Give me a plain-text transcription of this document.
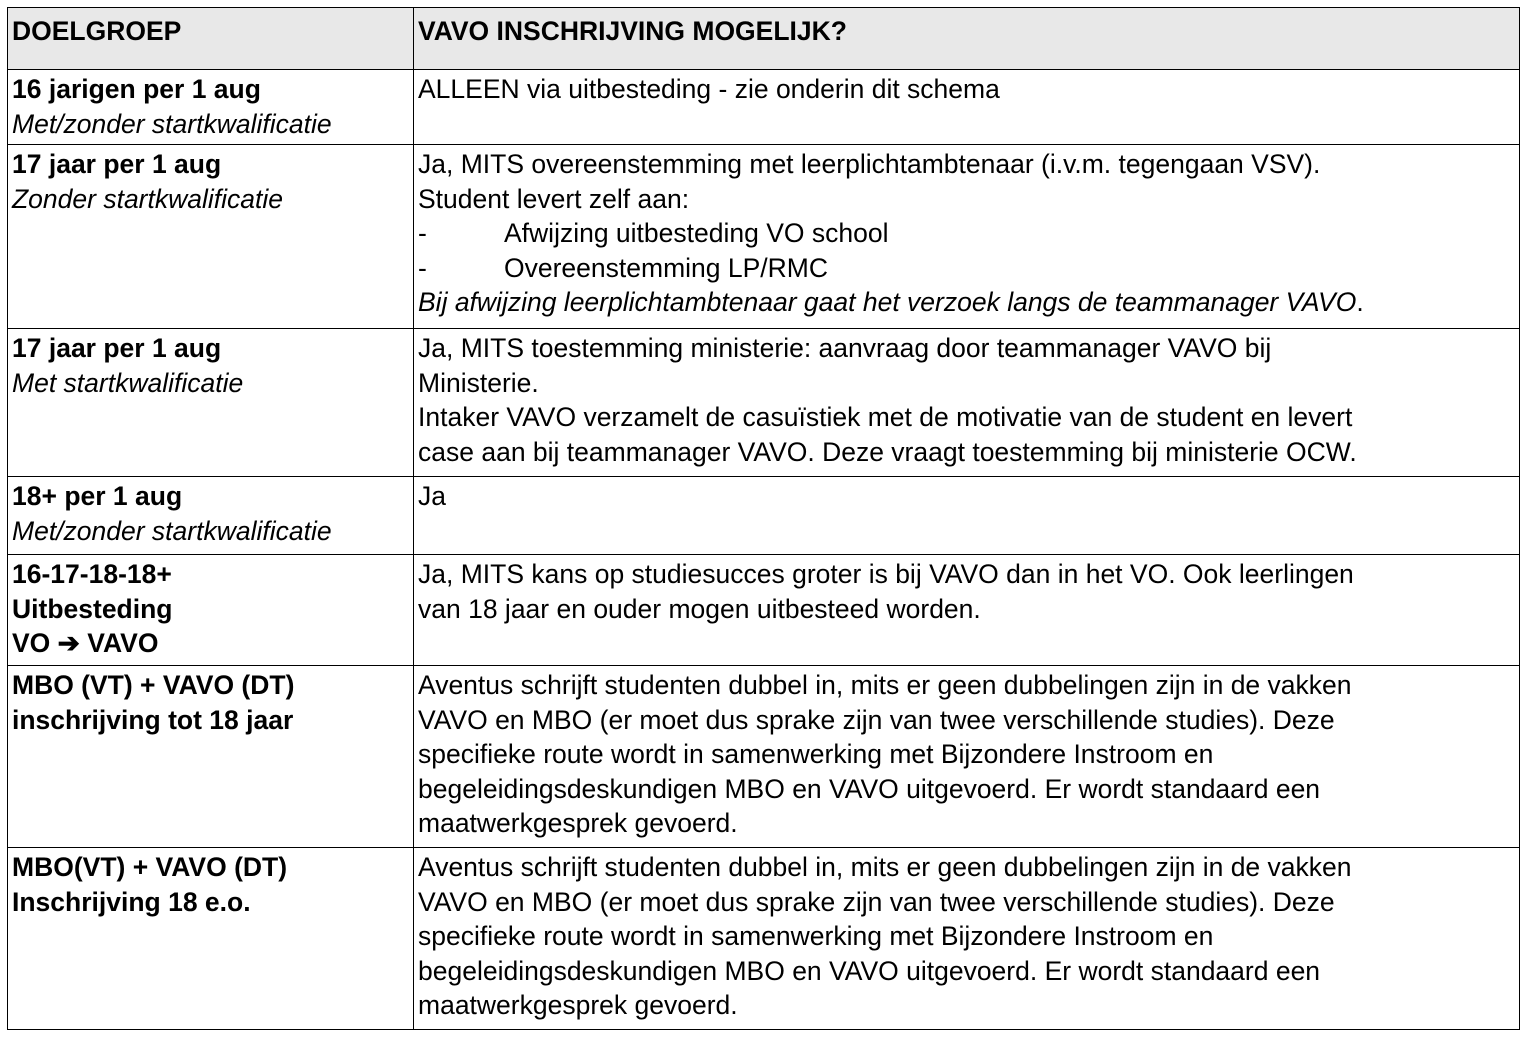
DOELGROEP	VAVO INSCHRIJVING MOGELIJK?

16 jarigen per 1 aug
Met/zonder startkwalificatie	ALLEEN via uitbesteding - zie onderin dit schema

17 jaar per 1 aug
Zonder startkwalificatie	Ja, MITS overeenstemming met leerplichtambtenaar (i.v.m. tegengaan VSV).
Student levert zelf aan:
- Afwijzing uitbesteding VO school
- Overeenstemming LP/RMC
Bij afwijzing leerplichtambtenaar gaat het verzoek langs de teammanager VAVO.

17 jaar per 1 aug
Met startkwalificatie	Ja, MITS toestemming ministerie: aanvraag door teammanager VAVO bij
Ministerie.
Intaker VAVO verzamelt de casuïstiek met de motivatie van de student en levert
case aan bij teammanager VAVO. Deze vraagt toestemming bij ministerie OCW.

18+ per 1 aug
Met/zonder startkwalificatie	Ja

16-17-18-18+
Uitbesteding
VO ➔ VAVO	Ja, MITS kans op studiesucces groter is bij VAVO dan in het VO. Ook leerlingen
van 18 jaar en ouder mogen uitbesteed worden.

MBO (VT) + VAVO (DT)
inschrijving tot 18 jaar	Aventus schrijft studenten dubbel in, mits er geen dubbelingen zijn in de vakken
VAVO en MBO (er moet dus sprake zijn van twee verschillende studies). Deze
specifieke route wordt in samenwerking met Bijzondere Instroom en
begeleidingsdeskundigen MBO en VAVO uitgevoerd. Er wordt standaard een
maatwerkgesprek gevoerd.

MBO(VT) + VAVO (DT)
Inschrijving 18 e.o.	Aventus schrijft studenten dubbel in, mits er geen dubbelingen zijn in de vakken
VAVO en MBO (er moet dus sprake zijn van twee verschillende studies). Deze
specifieke route wordt in samenwerking met Bijzondere Instroom en
begeleidingsdeskundigen MBO en VAVO uitgevoerd. Er wordt standaard een
maatwerkgesprek gevoerd.
